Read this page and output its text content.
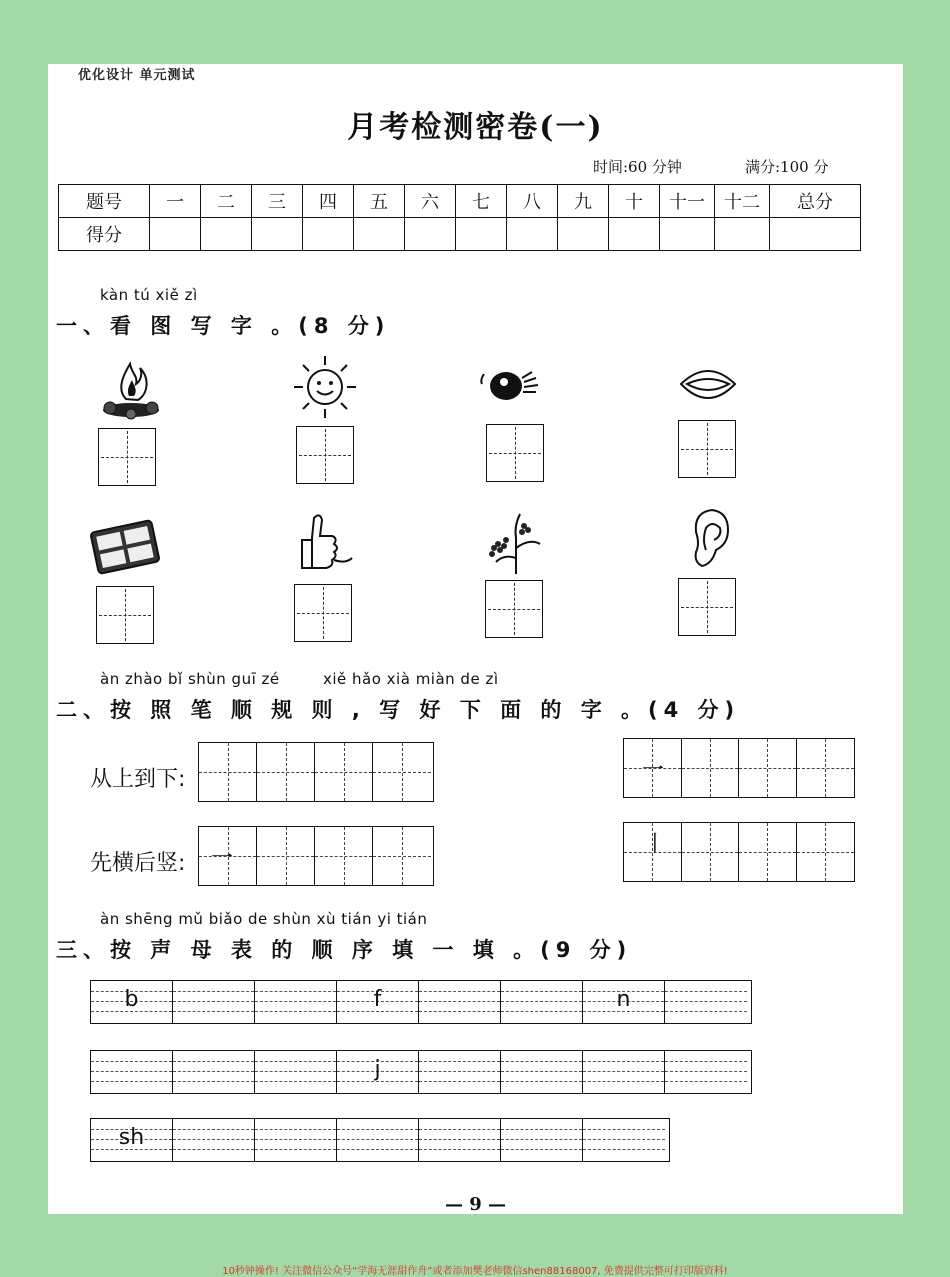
优化设计 单元测试
月考检测密卷(一)
时间:60 分钟	满分:100 分
题号	一	二	三	四	五	六	七	八	九	十	十一	十二	总分
得分													
kàn tú xiě zì
一、看 图 写 字 。(8 分)
àn zhào bǐ shùn guī zé	xiě hǎo xià miàn de zì
二、按 照 笔 顺 规 则 , 写 好 下 面 的 字 。(4 分)
从上到下:	一
先横后竖: 一
丨
àn shēng mǔ biǎo de shùn xù tián yi tián
三、按 声 母 表 的 顺 序 填 一 填 。(9 分)
b	f	n
j
sh
— 9 —
10秒钟操作! 关注微信公众号“学海无涯甜作舟”或者添加樊老师微信shen88168007, 免费提供完整可打印版资料!
